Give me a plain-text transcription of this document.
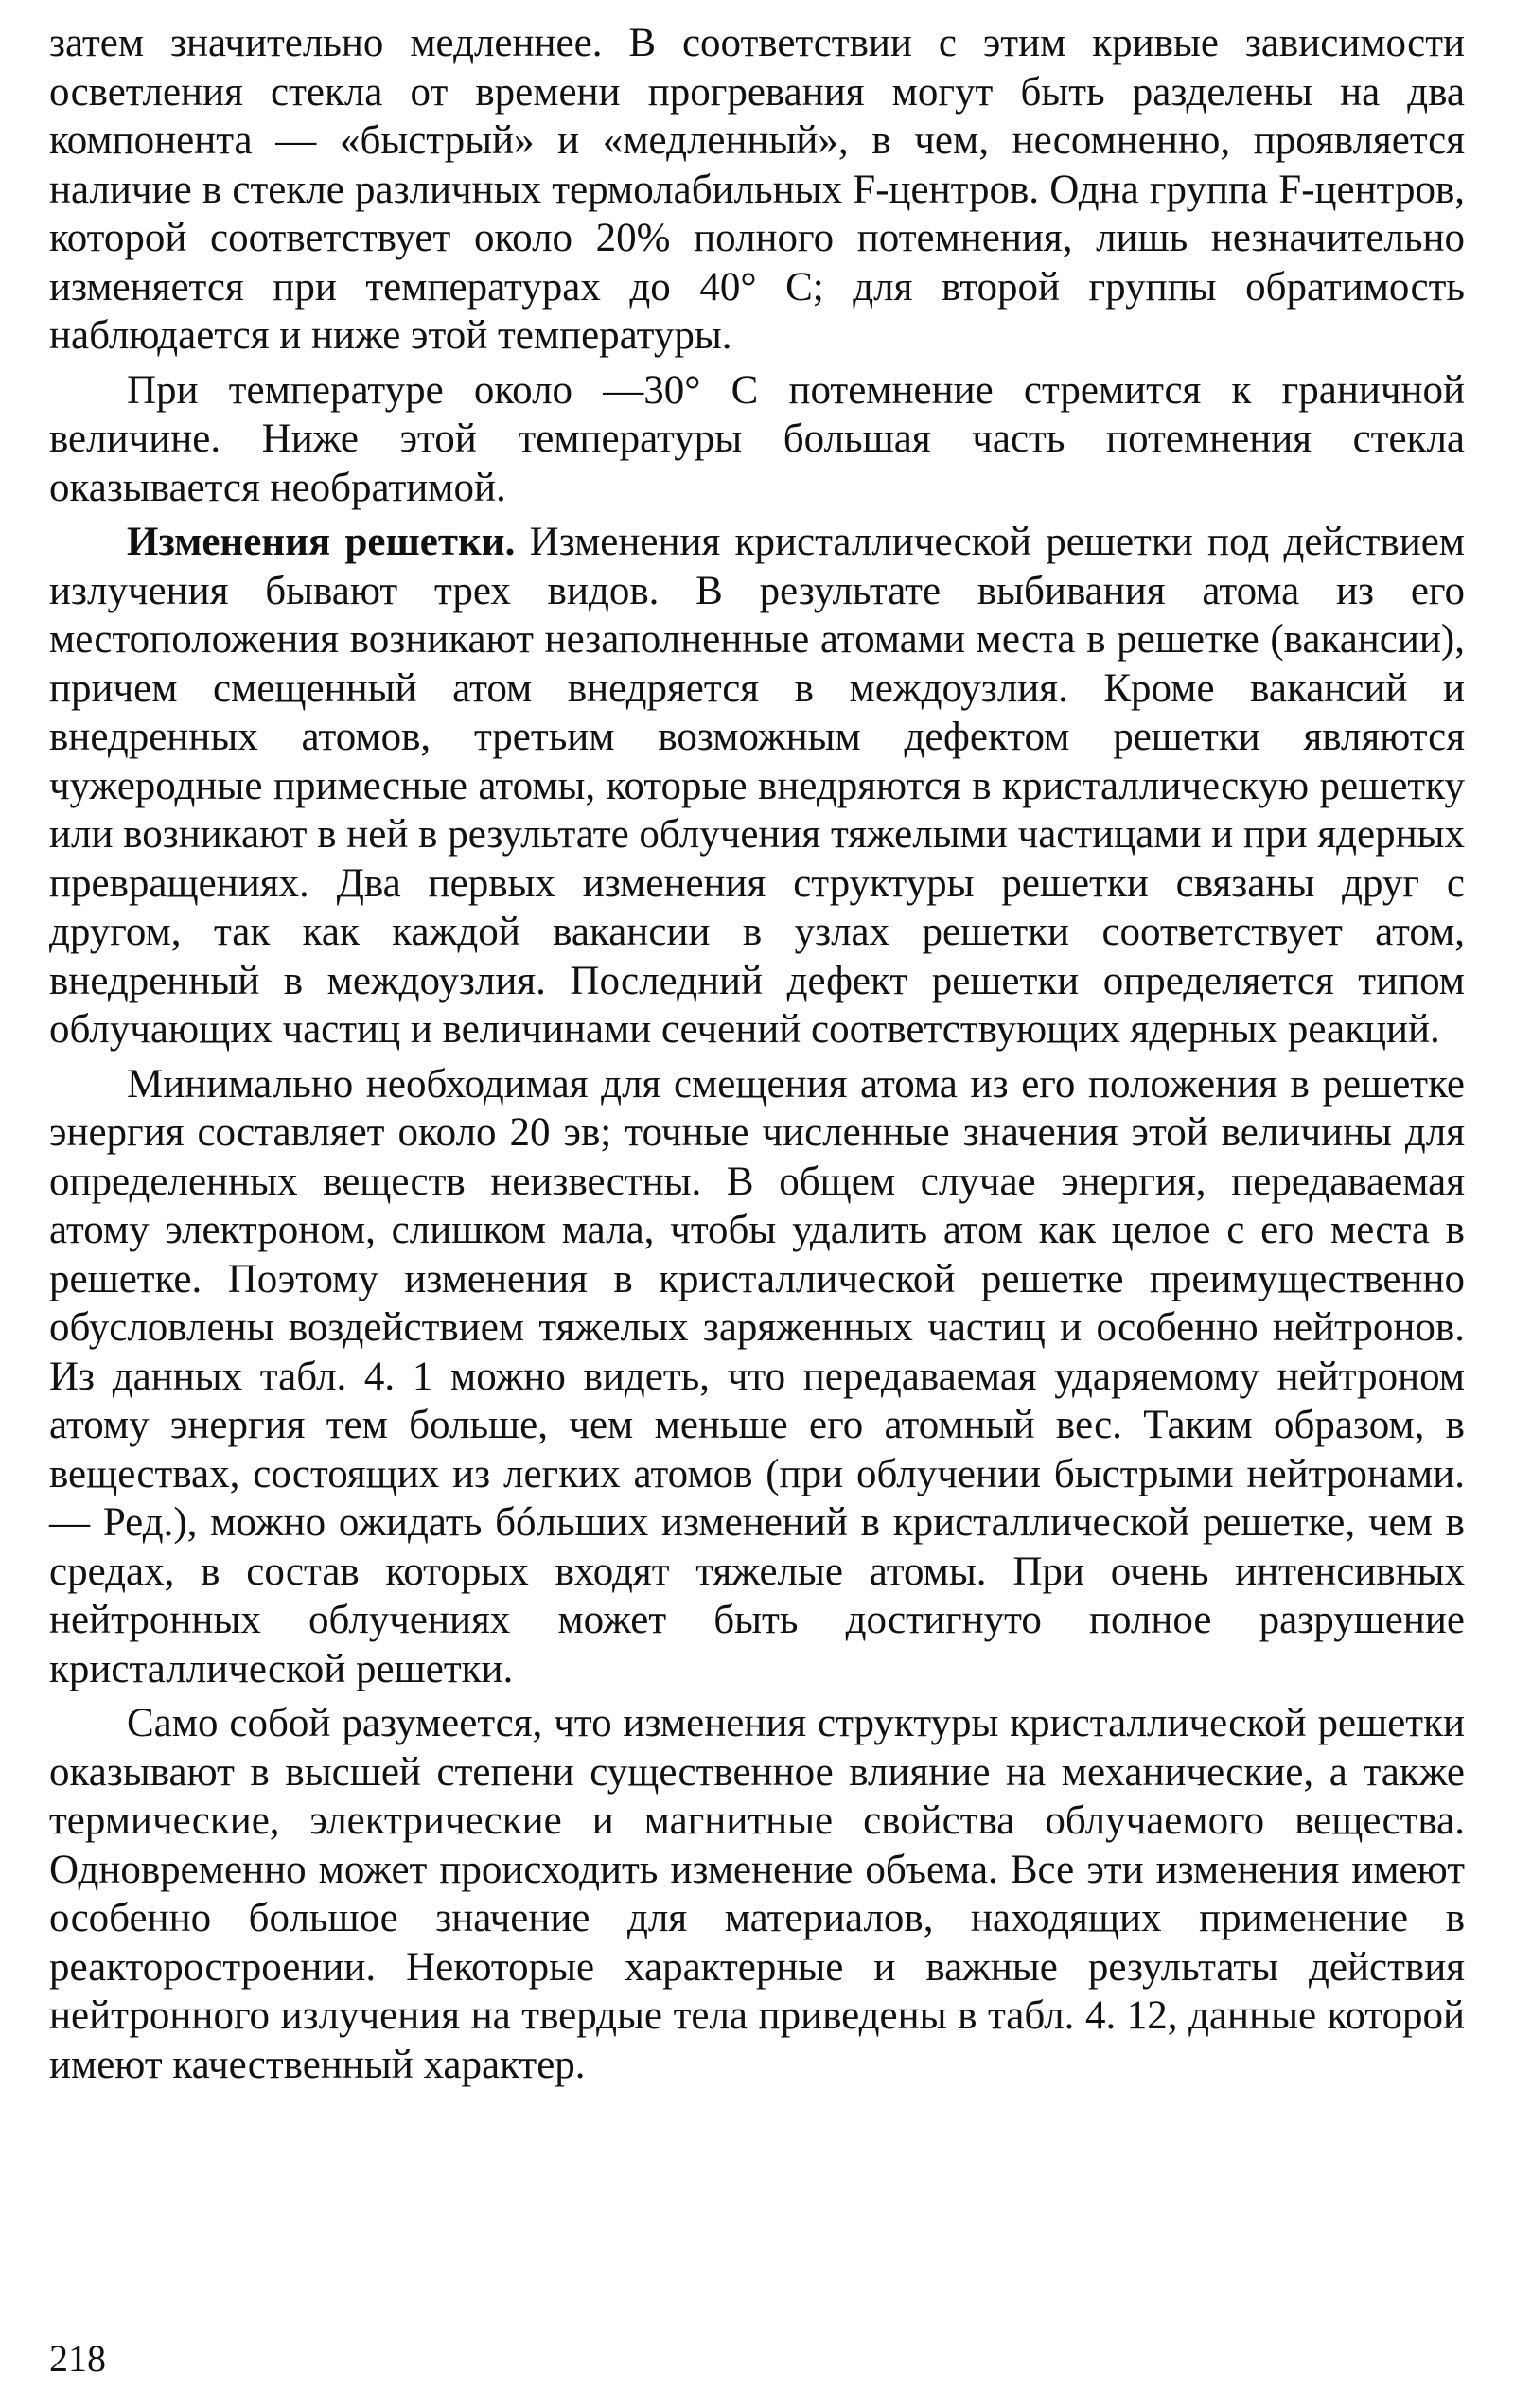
затем значительно медленнее. В соответствии с этим кривые зависимости осветления стекла от времени прогревания могут быть разделены на два компонента — «быстрый» и «медленный», в чем, несомненно, проявляется наличие в стекле различных термолабильных F-центров. Одна группа F-центров, которой соответствует около 20% полного потемнения, лишь незначительно изменяется при температурах до 40° C; для второй группы обратимость наблюдается и ниже этой температуры.

При температуре около —30° C потемнение стремится к граничной величине. Ниже этой температуры большая часть потемнения стекла оказывается необратимой.

Изменения решетки. Изменения кристаллической решетки под действием излучения бывают трех видов. В результате выбивания атома из его местоположения возникают незаполненные атомами места в решетке (вакансии), причем смещенный атом внедряется в междоузлия. Кроме вакансий и внедренных атомов, третьим возможным дефектом решетки являются чужеродные примесные атомы, которые внедряются в кристаллическую решетку или возникают в ней в результате облучения тяжелыми частицами и при ядерных превращениях. Два первых изменения структуры решетки связаны друг с другом, так как каждой вакансии в узлах решетки соответствует атом, внедренный в междоузлия. Последний дефект решетки определяется типом облучающих частиц и величинами сечений соответствующих ядерных реакций.

Минимально необходимая для смещения атома из его положения в решетке энергия составляет около 20 эв; точные численные значения этой величины для определенных веществ неизвестны. В общем случае энергия, передаваемая атому электроном, слишком мала, чтобы удалить атом как целое с его места в решетке. Поэтому изменения в кристаллической решетке преимущественно обусловлены воздействием тяжелых заряженных частиц и особенно нейтронов. Из данных табл. 4. 1 можно видеть, что передаваемая ударяемому нейтроном атому энергия тем больше, чем меньше его атомный вес. Таким образом, в веществах, состоящих из легких атомов (при облучении быстрыми нейтронами. — Ред.), можно ожидать бóльших изменений в кристаллической решетке, чем в средах, в состав которых входят тяжелые атомы. При очень интенсивных нейтронных облучениях может быть достигнуто полное разрушение кристаллической решетки.

Само собой разумеется, что изменения структуры кристаллической решетки оказывают в высшей степени существенное влияние на механические, а также термические, электрические и магнитные свойства облучаемого вещества. Одновременно может происходить изменение объема. Все эти изменения имеют особенно большое значение для материалов, находящих применение в реакторостроении. Некоторые характерные и важные результаты действия нейтронного излучения на твердые тела приведены в табл. 4. 12, данные которой имеют качественный характер.

218
